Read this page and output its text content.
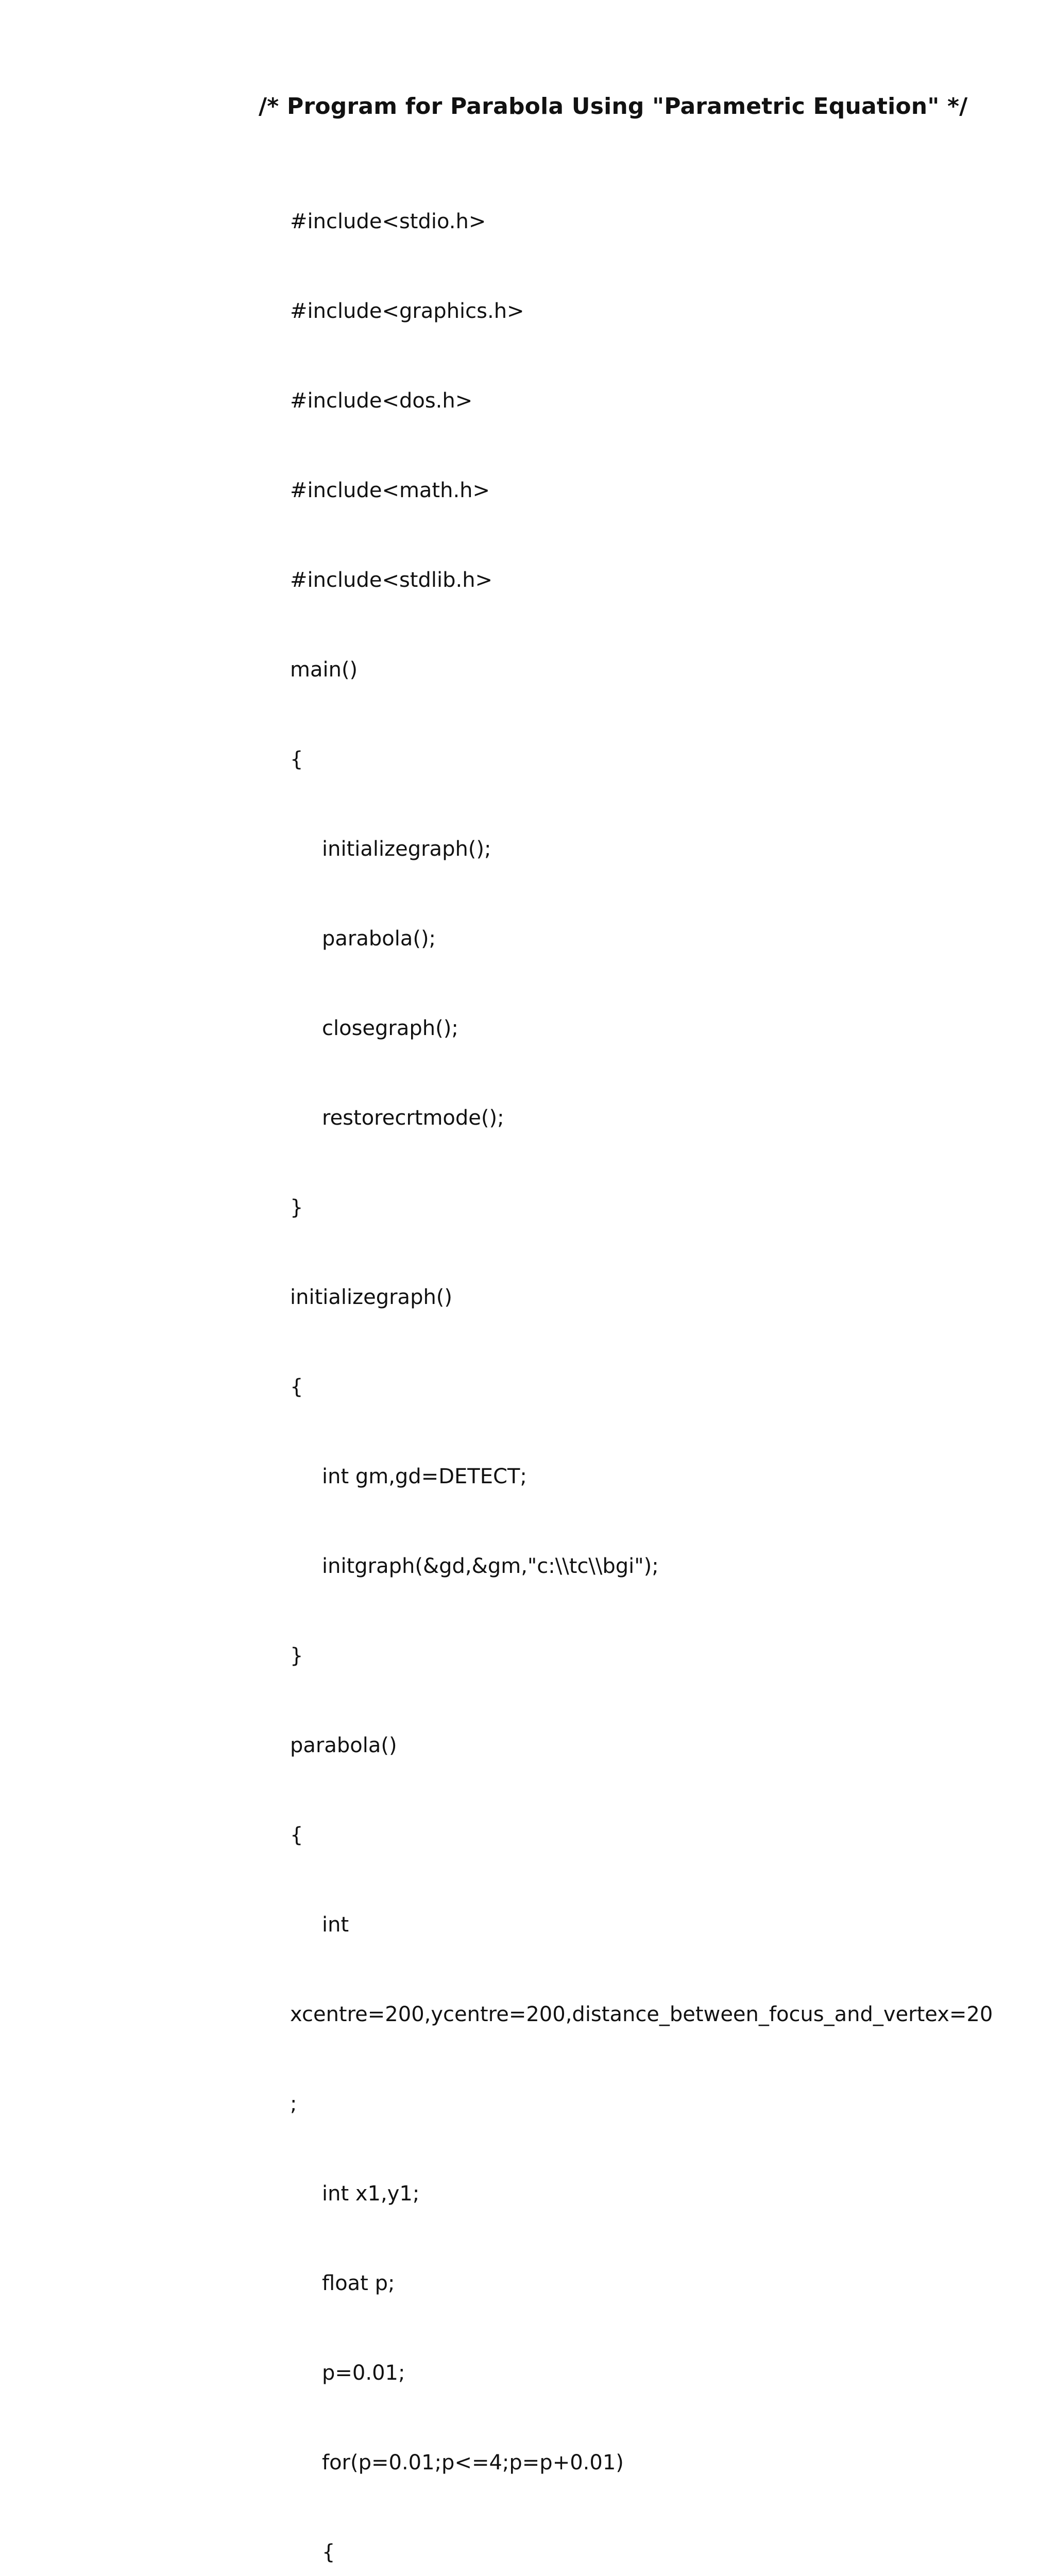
/* Program for Parabola Using "Parametric Equation" */

#include<stdio.h>

#include<graphics.h>

#include<dos.h>

#include<math.h>

#include<stdlib.h>

main()

{

initializegraph();

parabola();

closegraph();

restorecrtmode();

}

initializegraph()

{

int gm,gd=DETECT;

initgraph(&gd,&gm,"c:\\tc\\bgi");

}

parabola()

{

int

xcentre=200,ycentre=200,distance_between_focus_and_vertex=20

;

int x1,y1;

float p;

p=0.01;

for(p=0.01;p<=4;p=p+0.01)

{
